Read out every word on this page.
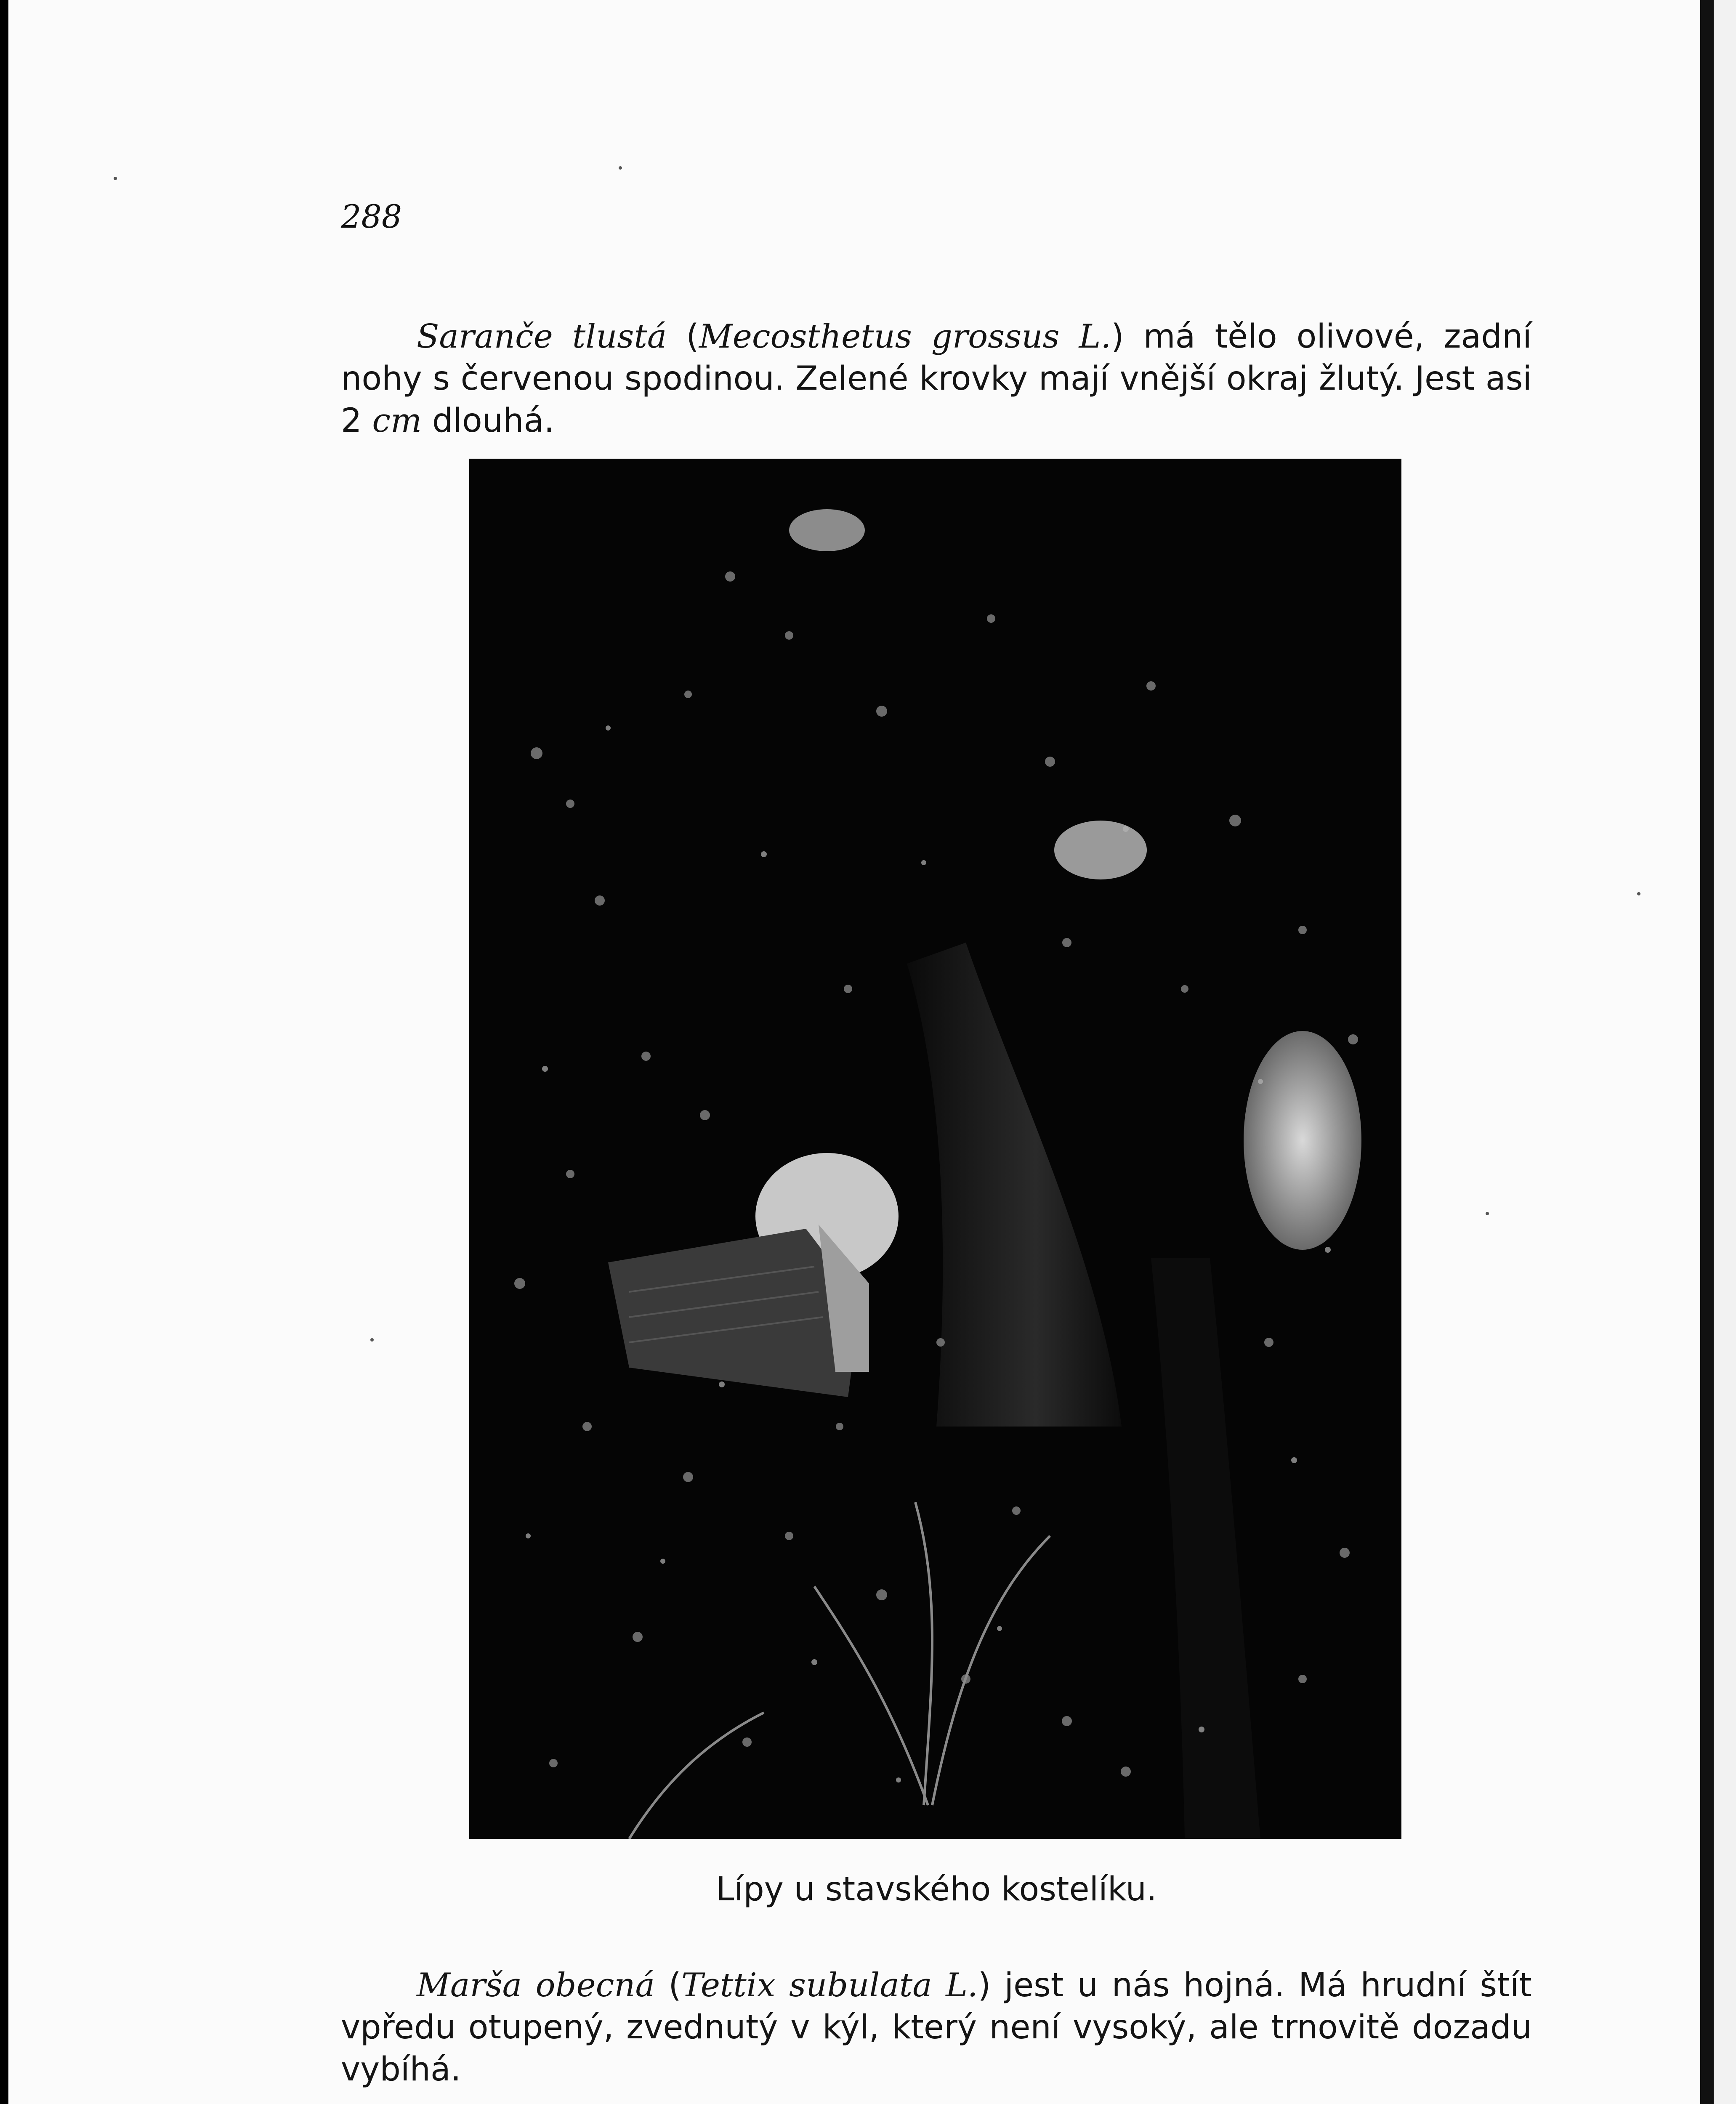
288

Saranče tlustá (Mecosthetus grossus L.) má tělo olivové, zadní nohy s červenou spodinou. Zelené krovky mají vnější okraj žlutý. Jest asi 2 cm dlouhá.

Lípy u stavského kostelíku.

Marša obecná (Tettix subulata L.) jest u nás hojná. Má hrudní štít vpředu otupený, zvednutý v kýl, který není vysoký, ale trnovitě dozadu vybíhá.
